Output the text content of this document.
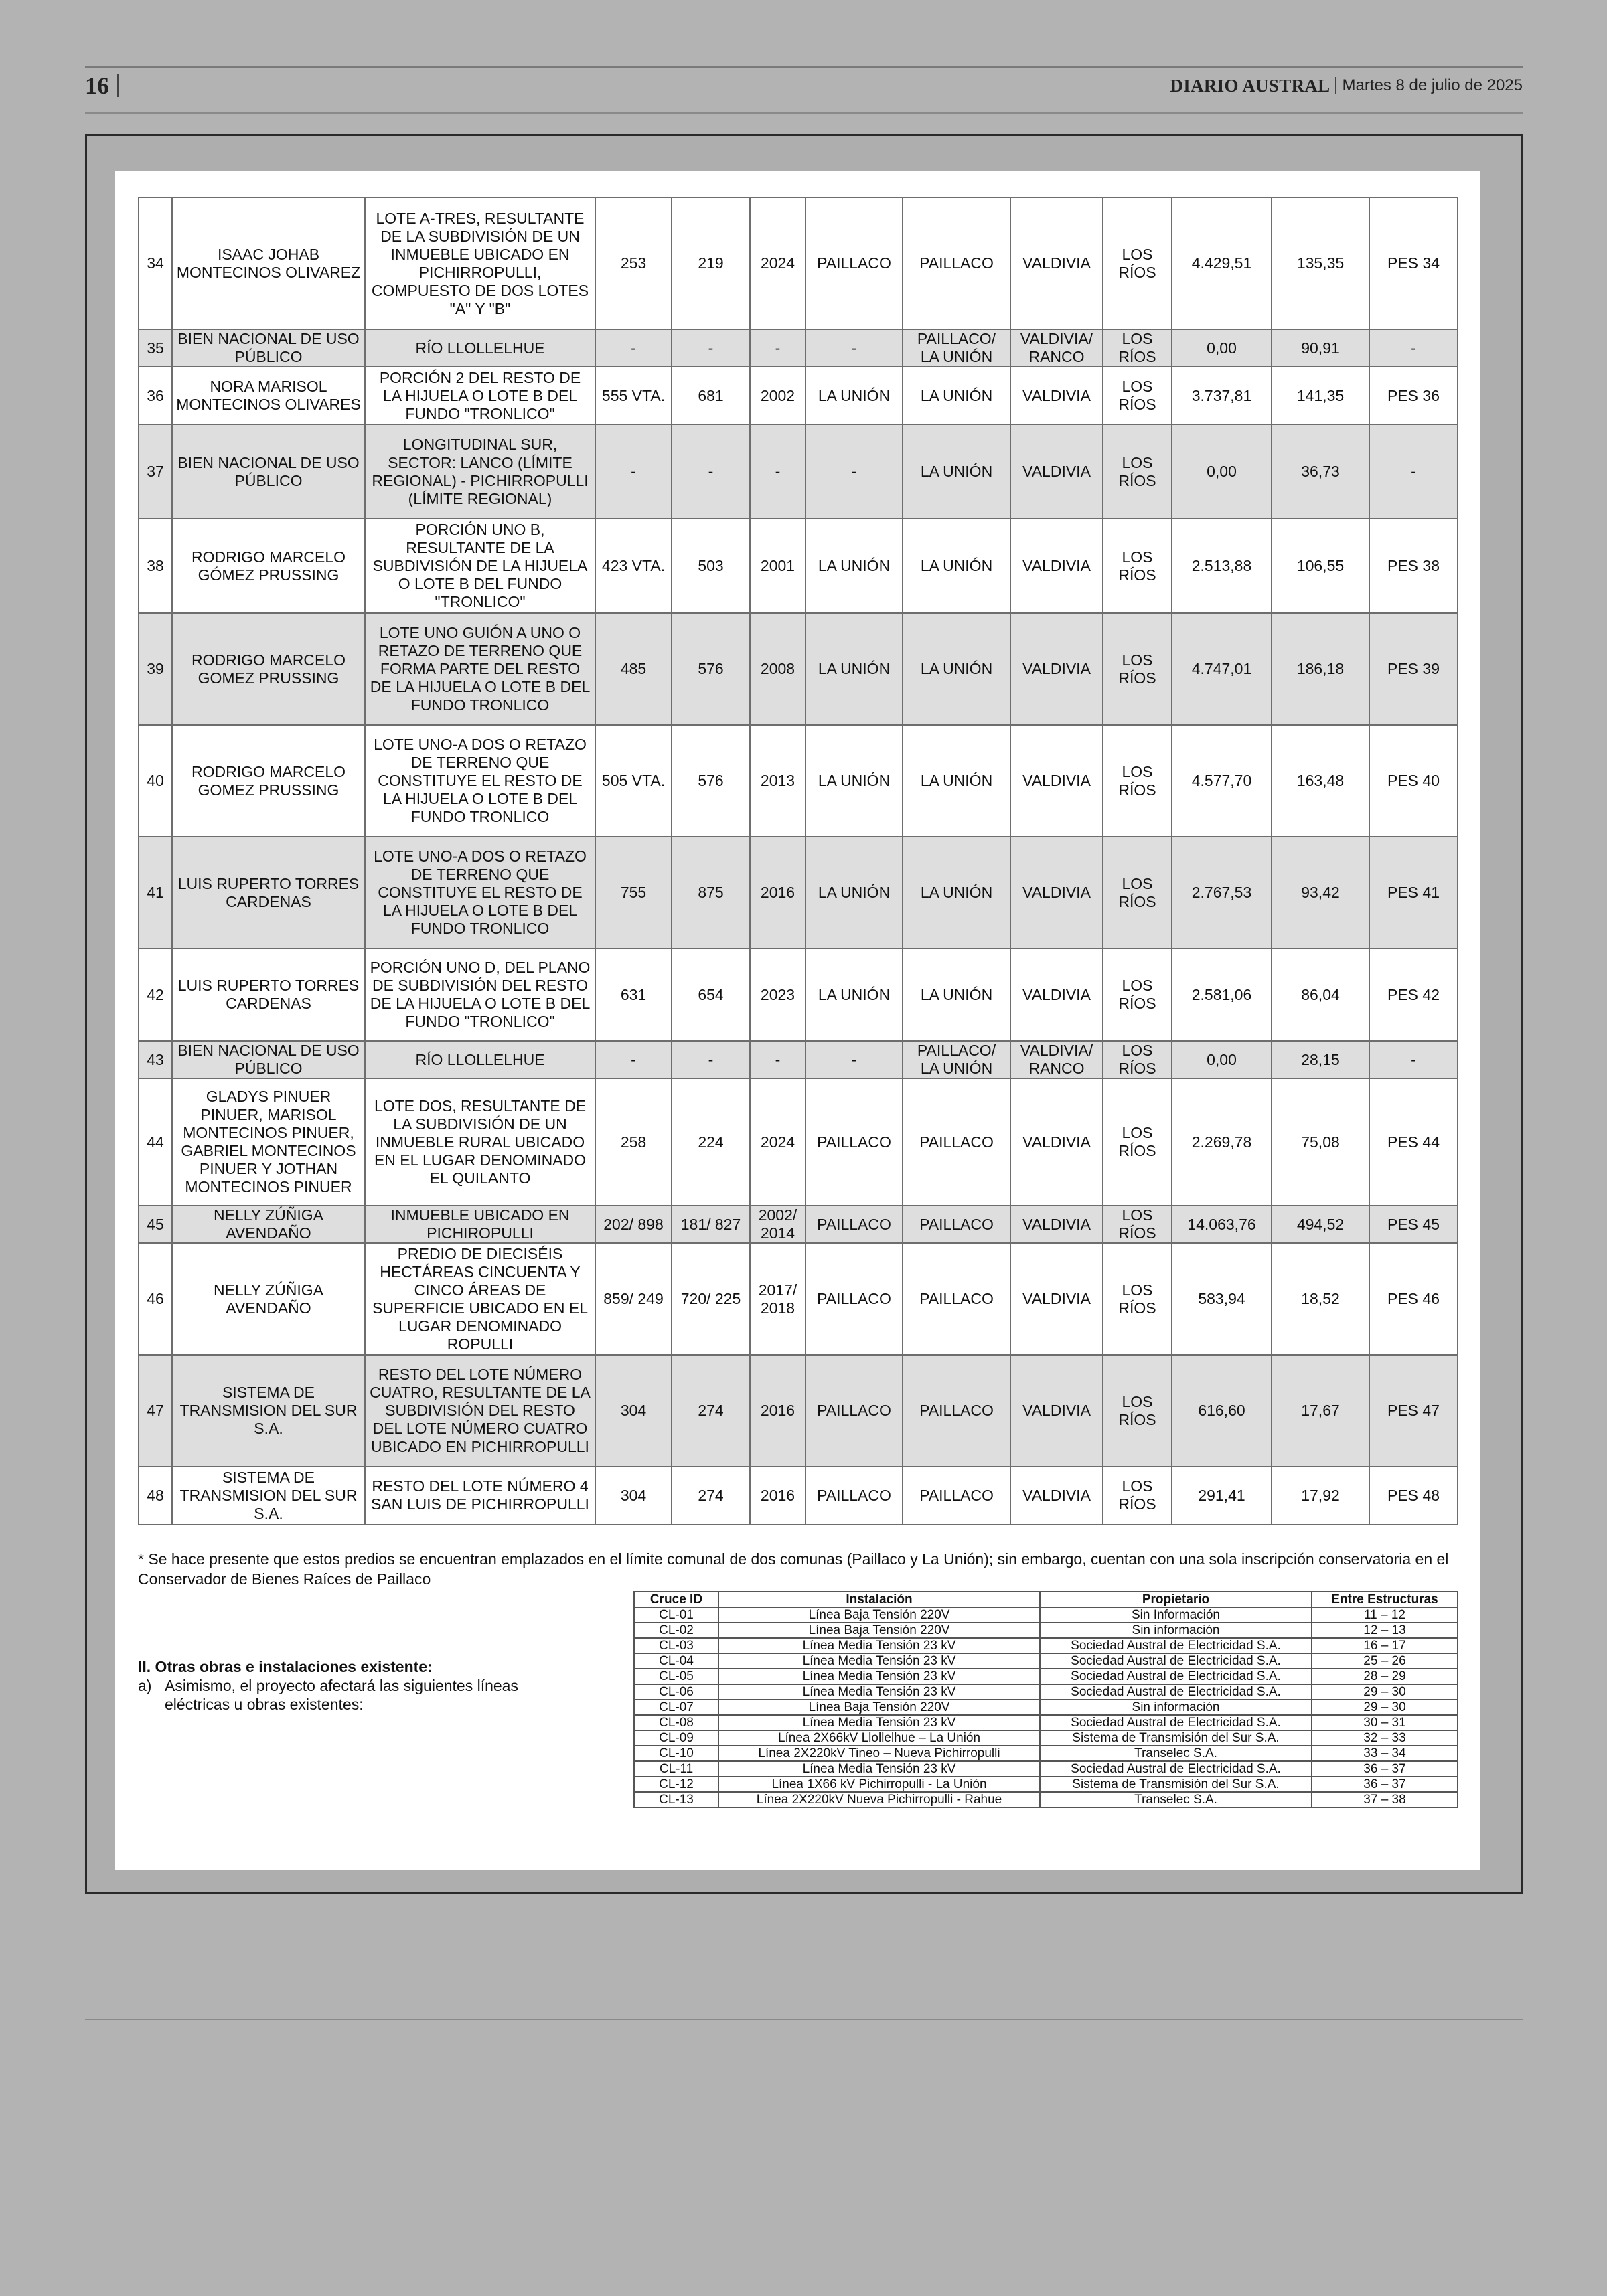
16	DIARIO AUSTRAL Martes 8 de julio de 2025
34	ISAAC JOHAB MONTECINOS OLIVAREZ	LOTE A-TRES, RESULTANTE DE LA SUBDIVISIÓN DE UN INMUEBLE UBICADO EN PICHIRROPULLI, COMPUESTO DE DOS LOTES "A" Y "B"	253	219	2024	PAILLACO	PAILLACO	VALDIVIA	LOS RÍOS	4.429,51	135,35	PES 34
35	BIEN NACIONAL DE USO PÚBLICO	RÍO LLOLLELHUE	-	-	-	-	PAILLACO/ LA UNIÓN	VALDIVIA/ RANCO	LOS RÍOS	0,00	90,91	-
36	NORA MARISOL MONTECINOS OLIVARES	PORCIÓN 2 DEL RESTO DE LA HIJUELA O LOTE B DEL FUNDO "TRONLICO"	555 VTA.	681	2002	LA UNIÓN	LA UNIÓN	VALDIVIA	LOS RÍOS	3.737,81	141,35	PES 36
37	BIEN NACIONAL DE USO PÚBLICO	LONGITUDINAL SUR, SECTOR: LANCO (LÍMITE REGIONAL) - PICHIRROPULLI (LÍMITE REGIONAL)	-	-	-	-	LA UNIÓN	VALDIVIA	LOS RÍOS	0,00	36,73	-
38	RODRIGO MARCELO GÓMEZ PRUSSING	PORCIÓN UNO B, RESULTANTE DE LA SUBDIVISIÓN DE LA HIJUELA O LOTE B DEL FUNDO "TRONLICO"	423 VTA.	503	2001	LA UNIÓN	LA UNIÓN	VALDIVIA	LOS RÍOS	2.513,88	106,55	PES 38
39	RODRIGO MARCELO GOMEZ PRUSSING	LOTE UNO GUIÓN A UNO O RETAZO DE TERRENO QUE FORMA PARTE DEL RESTO DE LA HIJUELA O LOTE B DEL FUNDO TRONLICO	485	576	2008	LA UNIÓN	LA UNIÓN	VALDIVIA	LOS RÍOS	4.747,01	186,18	PES 39
40	RODRIGO MARCELO GOMEZ PRUSSING	LOTE UNO-A DOS O RETAZO DE TERRENO QUE CONSTITUYE EL RESTO DE LA HIJUELA O LOTE B DEL FUNDO TRONLICO	505 VTA.	576	2013	LA UNIÓN	LA UNIÓN	VALDIVIA	LOS RÍOS	4.577,70	163,48	PES 40
41	LUIS RUPERTO TORRES CARDENAS	LOTE UNO-A DOS O RETAZO DE TERRENO QUE CONSTITUYE EL RESTO DE LA HIJUELA O LOTE B DEL FUNDO TRONLICO	755	875	2016	LA UNIÓN	LA UNIÓN	VALDIVIA	LOS RÍOS	2.767,53	93,42	PES 41
42	LUIS RUPERTO TORRES CARDENAS	PORCIÓN UNO D, DEL PLANO DE SUBDIVISIÓN DEL RESTO DE LA HIJUELA O LOTE B DEL FUNDO "TRONLICO"	631	654	2023	LA UNIÓN	LA UNIÓN	VALDIVIA	LOS RÍOS	2.581,06	86,04	PES 42
43	BIEN NACIONAL DE USO PÚBLICO	RÍO LLOLLELHUE	-	-	-	-	PAILLACO/ LA UNIÓN	VALDIVIA/ RANCO	LOS RÍOS	0,00	28,15	-
44	GLADYS PINUER PINUER, MARISOL MONTECINOS PINUER, GABRIEL MONTECINOS PINUER Y JOTHAN MONTECINOS PINUER	LOTE DOS, RESULTANTE DE LA SUBDIVISIÓN DE UN INMUEBLE RURAL UBICADO EN EL LUGAR DENOMINADO EL QUILANTO	258	224	2024	PAILLACO	PAILLACO	VALDIVIA	LOS RÍOS	2.269,78	75,08	PES 44
45	NELLY ZÚÑIGA AVENDAÑO	INMUEBLE UBICADO EN PICHIROPULLI	202/ 898	181/ 827	2002/ 2014	PAILLACO	PAILLACO	VALDIVIA	LOS RÍOS	14.063,76	494,52	PES 45
46	NELLY ZÚÑIGA AVENDAÑO	PREDIO DE DIECISÉIS HECTÁREAS CINCUENTA Y CINCO ÁREAS DE SUPERFICIE UBICADO EN EL LUGAR DENOMINADO ROPULLI	859/ 249	720/ 225	2017/ 2018	PAILLACO	PAILLACO	VALDIVIA	LOS RÍOS	583,94	18,52	PES 46
47	SISTEMA DE TRANSMISION DEL SUR S.A.	RESTO DEL LOTE NÚMERO CUATRO, RESULTANTE DE LA SUBDIVISIÓN DEL RESTO DEL LOTE NÚMERO CUATRO UBICADO EN PICHIRROPULLI	304	274	2016	PAILLACO	PAILLACO	VALDIVIA	LOS RÍOS	616,60	17,67	PES 47
48	SISTEMA DE TRANSMISION DEL SUR S.A.	RESTO DEL LOTE NÚMERO 4 SAN LUIS DE PICHIRROPULLI	304	274	2016	PAILLACO	PAILLACO	VALDIVIA	LOS RÍOS	291,41	17,92	PES 48
* Se hace presente que estos predios se encuentran emplazados en el límite comunal de dos comunas (Paillaco y La Unión); sin embargo, cuentan con una sola inscripción conservatoria en el Conservador de Bienes Raíces de Paillaco
II. Otras obras e instalaciones existente:
a) Asimismo, el proyecto afectará las siguientes líneas eléctricas u obras existentes:
Cruce ID	Instalación	Propietario	Entre Estructuras
CL-01	Línea Baja Tensión 220V	Sin Información	11 – 12
CL-02	Línea Baja Tensión 220V	Sin información	12 – 13
CL-03	Línea Media Tensión 23 kV	Sociedad Austral de Electricidad S.A.	16 – 17
CL-04	Línea Media Tensión 23 kV	Sociedad Austral de Electricidad S.A.	25 – 26
CL-05	Línea Media Tensión 23 kV	Sociedad Austral de Electricidad S.A.	28 – 29
CL-06	Línea Media Tensión 23 kV	Sociedad Austral de Electricidad S.A.	29 – 30
CL-07	Línea Baja Tensión 220V	Sin información	29 – 30
CL-08	Línea Media Tensión 23 kV	Sociedad Austral de Electricidad S.A.	30 – 31
CL-09	Línea 2X66kV Llollelhue – La Unión	Sistema de Transmisión del Sur S.A.	32 – 33
CL-10	Línea 2X220kV Tineo – Nueva Pichirropulli	Transelec S.A.	33 – 34
CL-11	Línea Media Tensión 23 kV	Sociedad Austral de Electricidad S.A.	36 – 37
CL-12	Línea 1X66 kV Pichirropulli - La Unión	Sistema de Transmisión del Sur S.A.	36 – 37
CL-13	Línea 2X220kV Nueva Pichirropulli - Rahue	Transelec S.A.	37 – 38
